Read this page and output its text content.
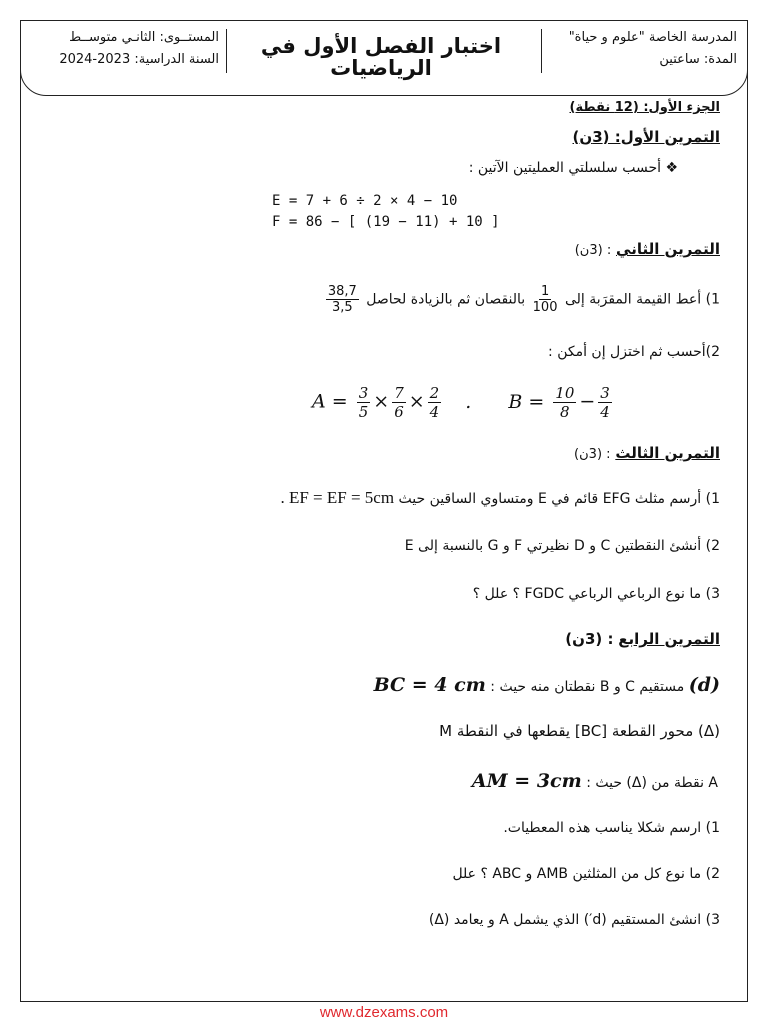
المدرسة الخاصة "علوم و حياة"
المدة: ساعتين
اختبار الفصل الأول في الرياضيات
المستــوى: الثانـي متوســط
السنة الدراسية: 2023-2024
الجزء الأول: (12 نقطة)
التمرين الأول: (3ن)
❖ أحسب سلسلتي العمليتين الآتين :
E = 7 + 6 ÷ 2 × 4 − 10
F = 86 − [ (19 − 11) + 10 ]
التمرين الثاني : (3ن)
1) أعط القيمة المقرَبة إلى
$\frac{1}{100}$
بالنقصان ثم بالزيادة لحاصل
$\frac{38,7}{3,5}$
2)أحسب ثم اختزل إن أمكن :
$A = \frac{3}{5} \times \frac{7}{6} \times \frac{2}{4}$ . $B = \frac{10}{8} - \frac{3}{4}$
التمرين الثالث : (3ن)
1) أرسم مثلث EFG قائم في E ومتساوي الساقين حيث . EF = EF = 5cm
2) أنشئ النقطتين C و D نظيرتي F و G بالنسبة إلى E
3) ما نوع الرباعي الرباعي FGDC ؟ علل ؟
التمرين الرابع : (3ن)
(d) مستقيم C و B نقطتان منه حيث : BC = 4 cm
(Δ) محور القطعة [BC] يقطعها في النقطة M
A نقطة من (Δ) حيث : AM = 3cm
1) ارسم شكلا يناسب هذه المعطيات.
2) ما نوع كل من المثلثين AMB و ABC ؟ علل
3) انشئ المستقيم (d′) الذي يشمل A و يعامد (Δ)
www.dzexams.com
